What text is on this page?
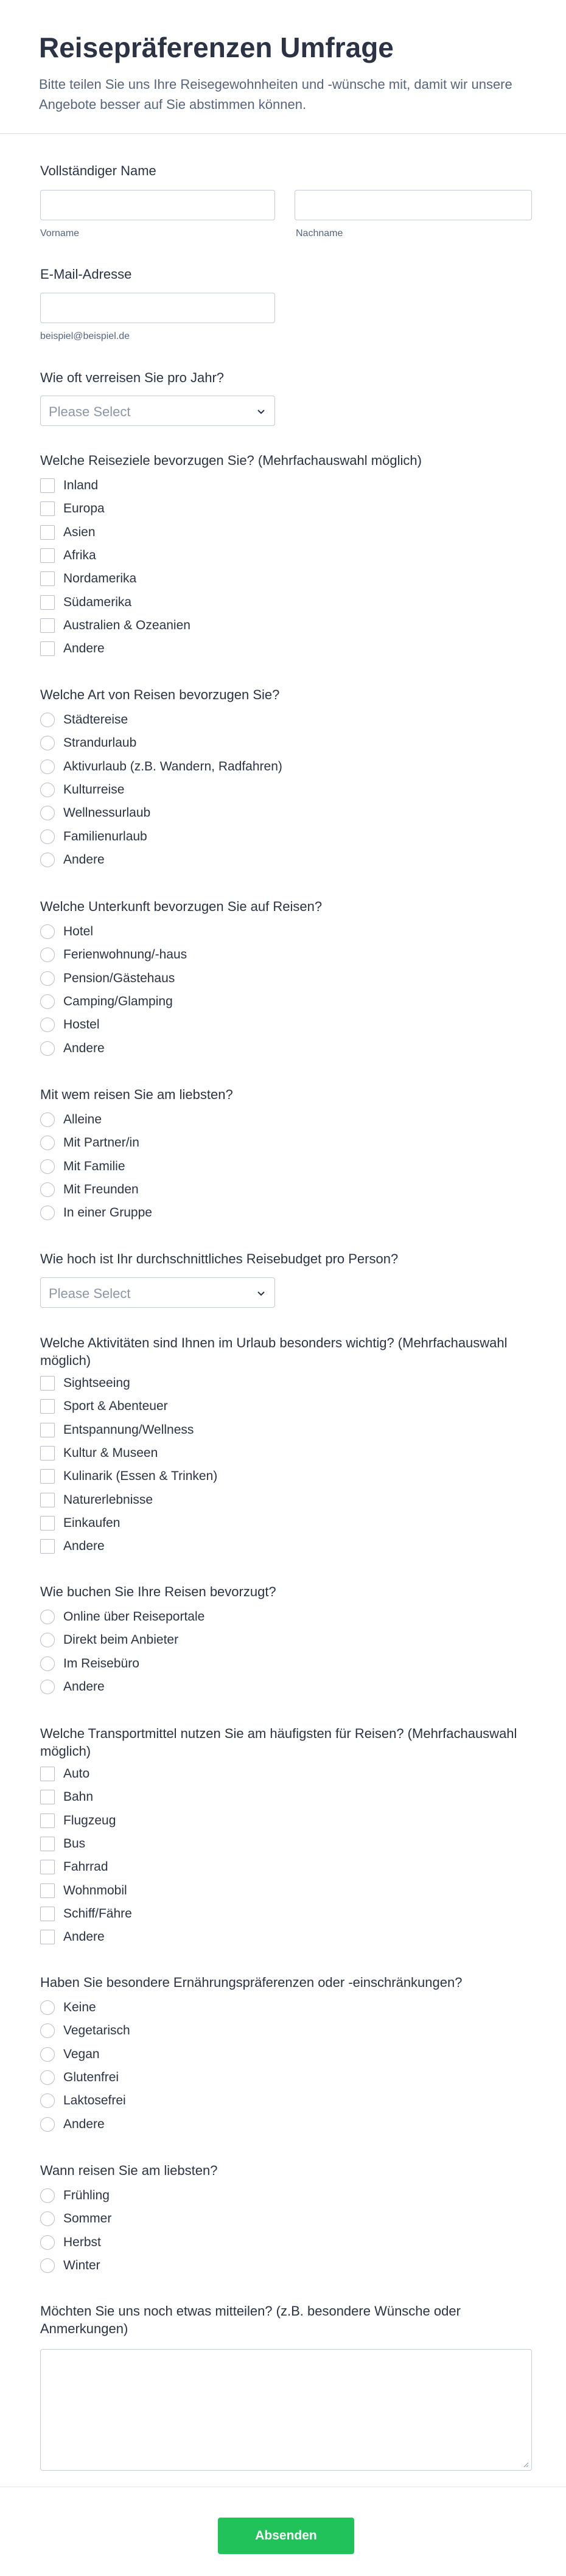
Reisepräferenzen Umfrage

Bitte teilen Sie uns Ihre Reisegewohnheiten und -wünsche mit, damit wir unsere Angebote besser auf Sie abstimmen können.

Vollständiger Name
Vorname	Nachname
E-Mail-Adresse
beispiel@beispiel.de
Wie oft verreisen Sie pro Jahr?
Please Select
Welche Reiseziele bevorzugen Sie? (Mehrfachauswahl möglich)
Inland
Europa
Asien
Afrika
Nordamerika
Südamerika
Australien & Ozeanien
Andere
Welche Art von Reisen bevorzugen Sie?
Städtereise
Strandurlaub
Aktivurlaub (z.B. Wandern, Radfahren)
Kulturreise
Wellnessurlaub
Familienurlaub
Andere
Welche Unterkunft bevorzugen Sie auf Reisen?
Hotel
Ferienwohnung/-haus
Pension/Gästehaus
Camping/Glamping
Hostel
Andere
Mit wem reisen Sie am liebsten?
Alleine
Mit Partner/in
Mit Familie
Mit Freunden
In einer Gruppe
Wie hoch ist Ihr durchschnittliches Reisebudget pro Person?
Please Select
Welche Aktivitäten sind Ihnen im Urlaub besonders wichtig? (Mehrfachauswahl möglich)
Sightseeing
Sport & Abenteuer
Entspannung/Wellness
Kultur & Museen
Kulinarik (Essen & Trinken)
Naturerlebnisse
Einkaufen
Andere
Wie buchen Sie Ihre Reisen bevorzugt?
Online über Reiseportale
Direkt beim Anbieter
Im Reisebüro
Andere
Welche Transportmittel nutzen Sie am häufigsten für Reisen? (Mehrfachauswahl möglich)
Auto
Bahn
Flugzeug
Bus
Fahrrad
Wohnmobil
Schiff/Fähre
Andere
Haben Sie besondere Ernährungspräferenzen oder -einschränkungen?
Keine
Vegetarisch
Vegan
Glutenfrei
Laktosefrei
Andere
Wann reisen Sie am liebsten?
Frühling
Sommer
Herbst
Winter
Möchten Sie uns noch etwas mitteilen? (z.B. besondere Wünsche oder Anmerkungen)
Absenden
